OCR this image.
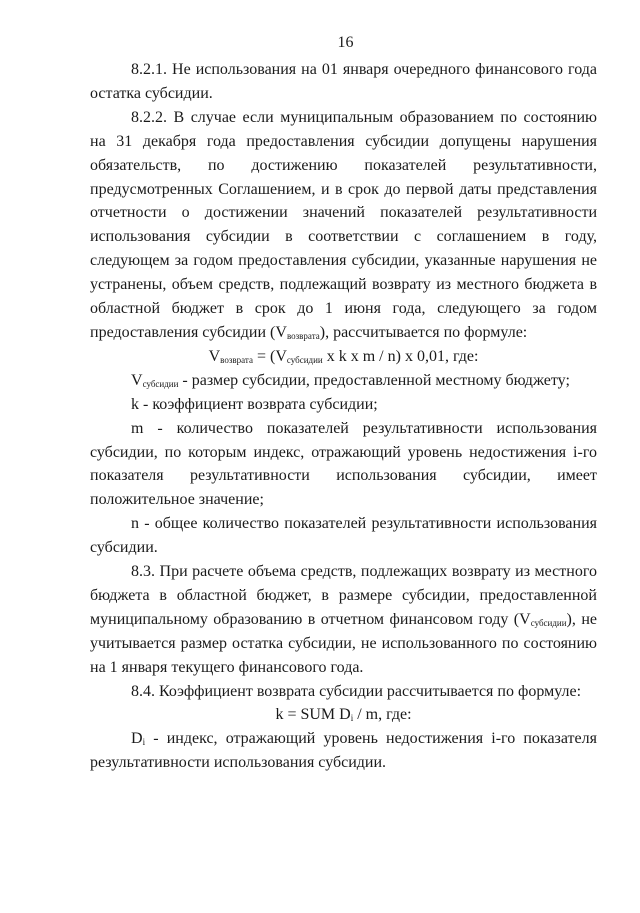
16

8.2.1. Не использования на 01 января очередного финансового года остатка субсидии.

8.2.2. В случае если муниципальным образованием по состоянию на 31 декабря года предоставления субсидии допущены нарушения обязательств, по достижению показателей результативности, предусмотренных Соглашением, и в срок до первой даты представления отчетности о достижении значений показателей результативности использования субсидии в соответствии с соглашением в году, следующем за годом предоставления субсидии, указанные нарушения не устранены, объем средств, подлежащий возврату из местного бюджета в областной бюджет в срок до 1 июня года, следующего за годом предоставления субсидии $(V_{возврата})$, рассчитывается по формуле:

$V_{возврата} = (V_{субсидии}$ x k x m / n) x 0,01, где:

$V_{субсидии}$ - размер субсидии, предоставленной местному бюджету;

k - коэффициент возврата субсидии;

m - количество показателей результативности использования субсидии, по которым индекс, отражающий уровень недостижения i-го показателя результативности использования субсидии, имеет положительное значение;

n - общее количество показателей результативности использования субсидии.

8.3. При расчете объема средств, подлежащих возврату из местного бюджета в областной бюджет, в размере субсидии, предоставленной муниципальному образованию в отчетном финансовом году $(V_{субсидии})$, не учитывается размер остатка субсидии, не использованного по состоянию на 1 января текущего финансового года.

8.4. Коэффициент возврата субсидии рассчитывается по формуле:

k = SUM $D_i$ / m, где:

$D_i$ - индекс, отражающий уровень недостижения i-го показателя результативности использования субсидии.
